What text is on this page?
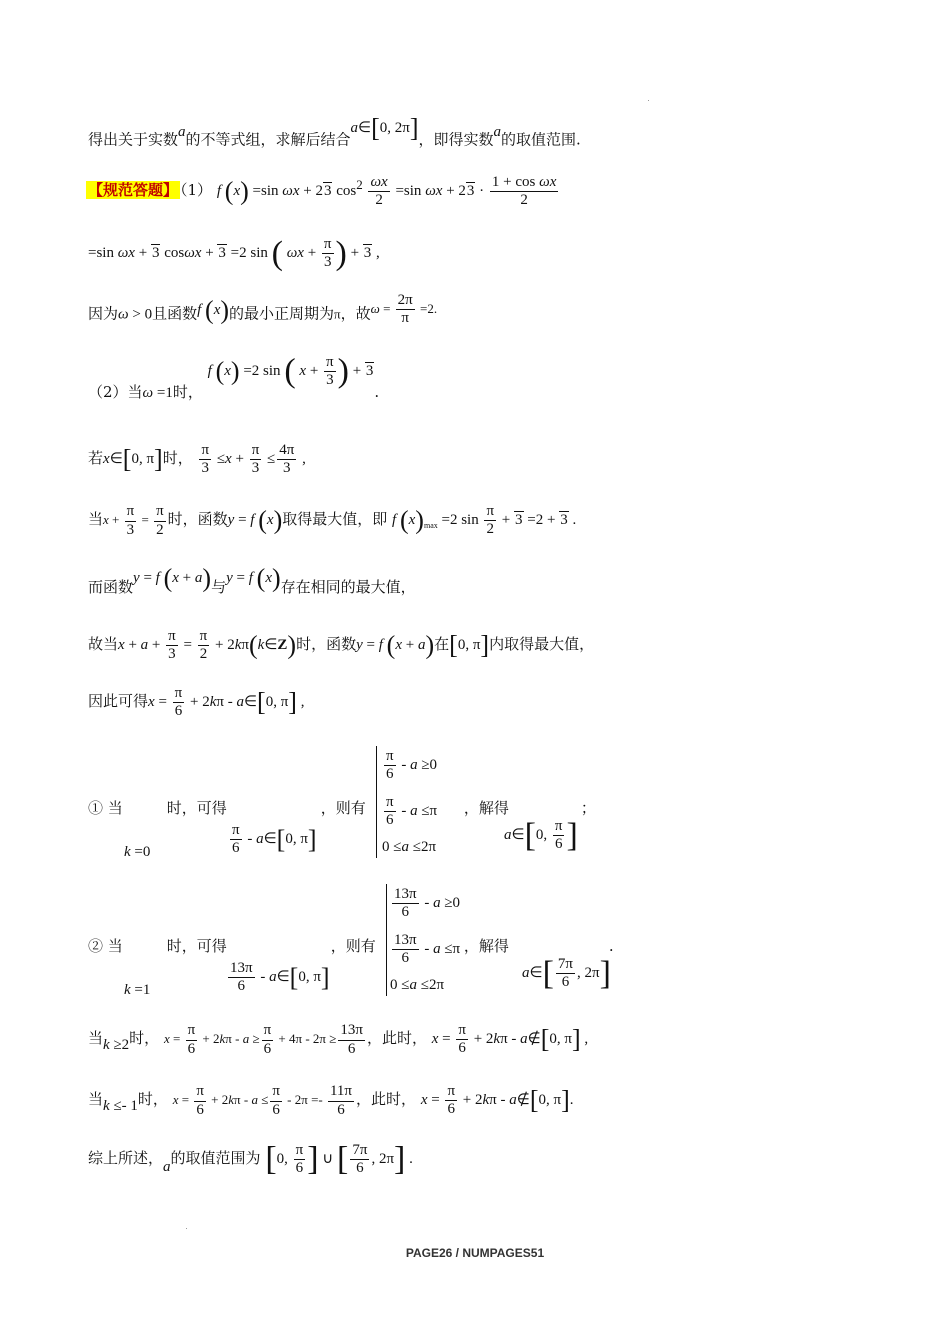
得出关于实数a的不等式组，求解后结合a∈[0, 2π]，即得实数a的取值范围.
【规范答题】 （1） f (x) =sin ωx + 23 $\cos^2 \frac{\omega x}{2} =\sin$ $\omega x + 23 \cdot \frac{\text{1 + cos ωx}}{2}$
=sin ωx + 3 cosωx + 3 =2 sin ( $\omega x + \frac{\pi}{3}$ ) + 3 ,
因为ω > 0且函数f (x)的最小正周期为π，故$\omega = \frac{2\pi}{\pi} =2$.
（2）当ω =1时， f (x) =2 sin ( $x + \frac{\pi}{3}$ ) + 3.
若x∈[0, π]时， $\frac{\pi}{3} \le x + \frac{\pi}{3} \le \frac{4\pi}{3}$ ,
当$x + \frac{\pi}{3} = \frac{\pi}{2}$ 时，函数y = f (x)取得最大值，即 f $(x)_{max} =2$ $\sin \frac{\pi}{2} + 3 =2 + 3$ .
而函数y = f (x + a)与y = f (x)存在相同的最大值，
故当$x + a + \frac{\pi}{3} = \frac{\pi}{2}$ + 2kπ(k∈Z)时，函数y = f (x + a)在[0, π]内取得最大值，
因此可得$x = \frac{\pi}{6} + 2k\pi$ - a∈[0, π] ,
① 当	时，可得	，则有	，解得	；
k =0	$\frac{\pi}{6}$ - a∈[0, π]
$\frac{\pi}{6} - a \ge 0$
$\frac{\pi}{6} - a \le\pi$
0 ≤a ≤2π
a∈[0, $\frac{\pi}{6}$ ]
② 当	时，可得	，则有	，解得	.
k =1	$\frac{13\pi}{6}$ - a∈[0, π]
$\frac{13\pi}{6} - a \ge 0$
$\frac{13\pi}{6} - a \le\pi$
0 ≤a ≤2π
a∈[ $\frac{7\pi}{6}$ , 2π]
当k ≥2时， $x = \frac{\pi}{6} + 2k\pi - a \ge \frac{\pi}{6} + 4\pi - 2\pi \ge \frac{13\pi}{6}$ ，此时， $x = \frac{\pi}{6} + 2k\pi$ - a∉[0, π] ,
当k ≤- 1时， $x = \frac{\pi}{6} + 2k\pi - a \le \frac{\pi}{6} - 2\pi =- \frac{11\pi}{6}$ ，此时， $x = \frac{\pi}{6} + 2k\pi$ - a∉[0, π].
综上所述，a的取值范围为 [0, $\frac{\pi}{6}$ ] ∪ [ $\frac{7\pi}{6}$ , 2π] .
PAGE26 / NUMPAGES51
